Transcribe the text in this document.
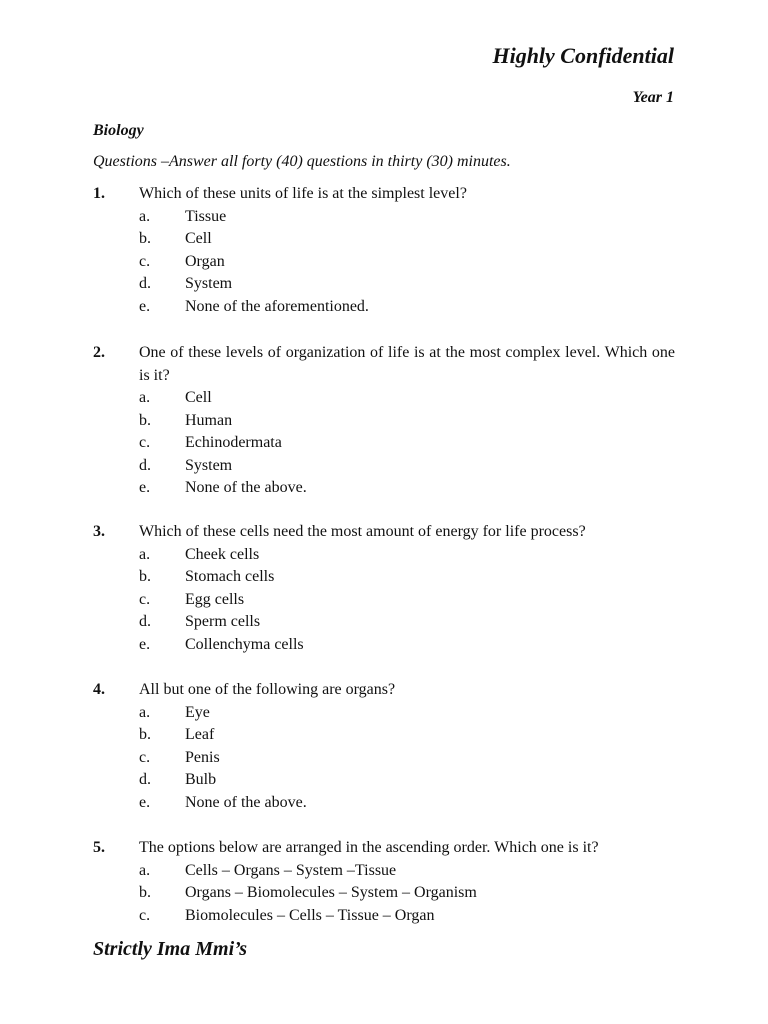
Highly Confidential
Year 1
Biology
Questions –Answer all forty (40) questions in thirty (30) minutes.
1. Which of these units of life is at the simplest level?
a.	Tissue
b.	Cell
c.	Organ
d.	System
e.	None of the aforementioned.
2. One of these levels of organization of life is at the most complex level. Which one is it?
a.	Cell
b.	Human
c.	Echinodermata
d.	System
e.	None of the above.
3. Which of these cells need the most amount of energy for life process?
a.	Cheek cells
b.	Stomach cells
c.	Egg cells
d.	Sperm cells
e.	Collenchyma cells
4. All but one of the following are organs?
a.	Eye
b.	Leaf
c.	Penis
d.	Bulb
e.	None of the above.
5. The options below are arranged in the ascending order. Which one is it?
a.	Cells – Organs – System –Tissue
b.	Organs – Biomolecules – System – Organism
c.	Biomolecules – Cells – Tissue – Organ
Strictly Ima Mmi’s
